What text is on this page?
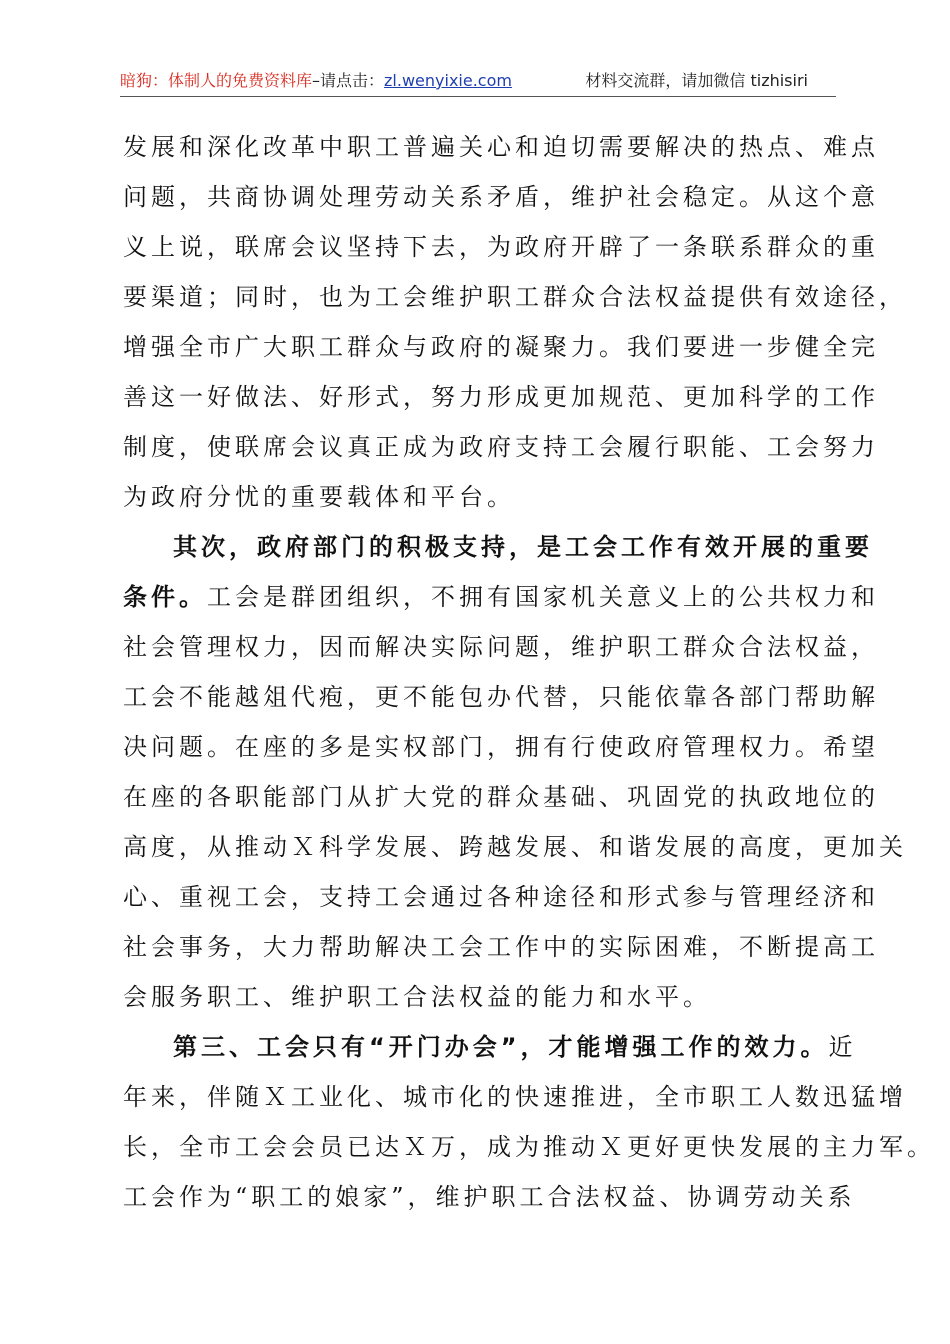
暗狗：体制人的免费资料库–请点击：zl.wenyixie.com	材料交流群，请加微信 tizhisiri
发展和深化改革中职工普遍关心和迫切需要解决的热点、难点
问题，共商协调处理劳动关系矛盾，维护社会稳定。从这个意
义上说，联席会议坚持下去，为政府开辟了一条联系群众的重
要渠道；同时，也为工会维护职工群众合法权益提供有效途径，
增强全市广大职工群众与政府的凝聚力。我们要进一步健全完
善这一好做法、好形式，努力形成更加规范、更加科学的工作
制度，使联席会议真正成为政府支持工会履行职能、工会努力
为政府分忧的重要载体和平台。
其次，政府部门的积极支持，是工会工作有效开展的重要
条件。工会是群团组织，不拥有国家机关意义上的公共权力和
社会管理权力，因而解决实际问题，维护职工群众合法权益，
工会不能越俎代疱，更不能包办代替，只能依靠各部门帮助解
决问题。在座的多是实权部门，拥有行使政府管理权力。希望
在座的各职能部门从扩大党的群众基础、巩固党的执政地位的
高度，从推动Ｘ科学发展、跨越发展、和谐发展的高度，更加关
心、重视工会，支持工会通过各种途径和形式参与管理经济和
社会事务，大力帮助解决工会工作中的实际困难，不断提高工
会服务职工、维护职工合法权益的能力和水平。
第三、工会只有“开门办会”，才能增强工作的效力。近
年来，伴随Ｘ工业化、城市化的快速推进，全市职工人数迅猛增
长，全市工会会员已达Ｘ万，成为推动Ｘ更好更快发展的主力军。
工会作为“职工的娘家”，维护职工合法权益、协调劳动关系
